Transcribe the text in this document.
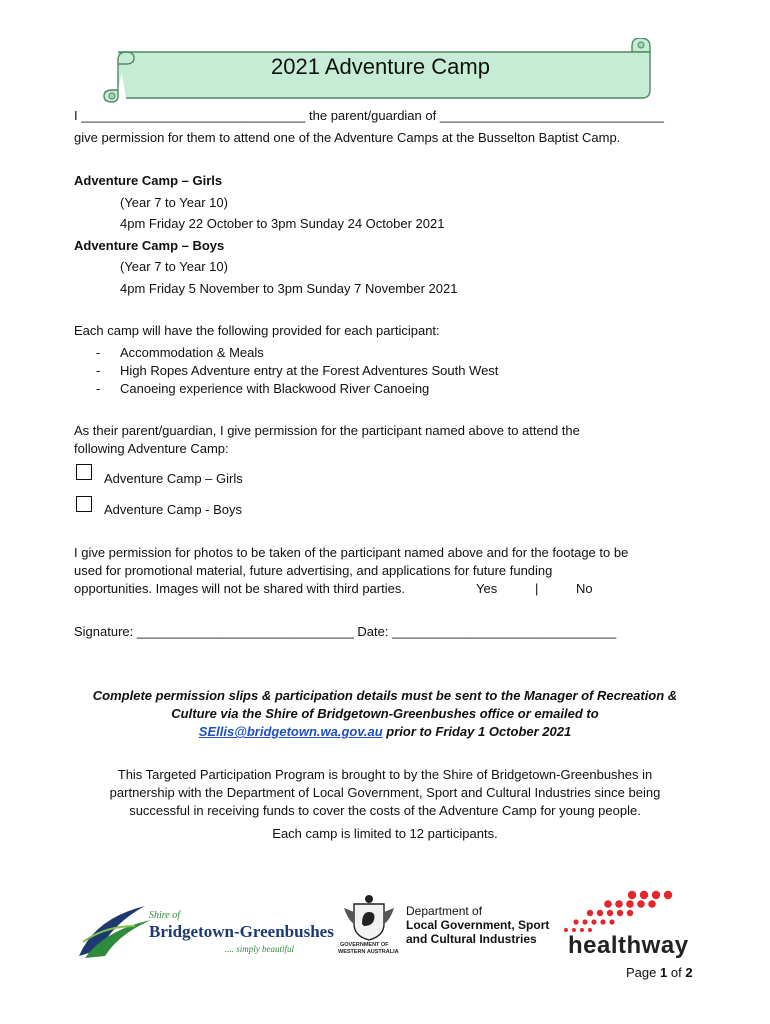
2021 Adventure Camp
I _______________________________ the parent/guardian of _______________________________
give permission for them to attend one of the Adventure Camps at the Busselton Baptist Camp.
Adventure Camp – Girls
(Year 7 to Year 10)
4pm Friday 22 October to 3pm Sunday 24 October 2021
Adventure Camp – Boys
(Year 7 to Year 10)
4pm Friday 5 November to 3pm Sunday 7 November 2021
Each camp will have the following provided for each participant:
- Accommodation & Meals
- High Ropes Adventure entry at the Forest Adventures South West
- Canoeing experience with Blackwood River Canoeing
As their parent/guardian, I give permission for the participant named above to attend the
following Adventure Camp:
Adventure Camp – Girls
Adventure Camp - Boys
I give permission for photos to be taken of the participant named above and for the footage to be
used for promotional material, future advertising, and applications for future funding
opportunities. Images will not be shared with third parties.	Yes	|	No
Signature: ______________________________ Date: _______________________________
Complete permission slips & participation details must be sent to the Manager of Recreation &
Culture via the Shire of Bridgetown-Greenbushes office or emailed to
SEllis@bridgetown.wa.gov.au prior to Friday 1 October 2021
This Targeted Participation Program is brought to by the Shire of Bridgetown-Greenbushes in
partnership with the Department of Local Government, Sport and Cultural Industries since being
successful in receiving funds to cover the costs of the Adventure Camp for young people.
Each camp is limited to 12 participants.
Shire of
Bridgetown-Greenbushes
.... simply beautiful	GOVERNMENT OF
WESTERN AUSTRALIA
Department of
Local Government, Sport
and Cultural Industries healthway
Page 1 of 2
